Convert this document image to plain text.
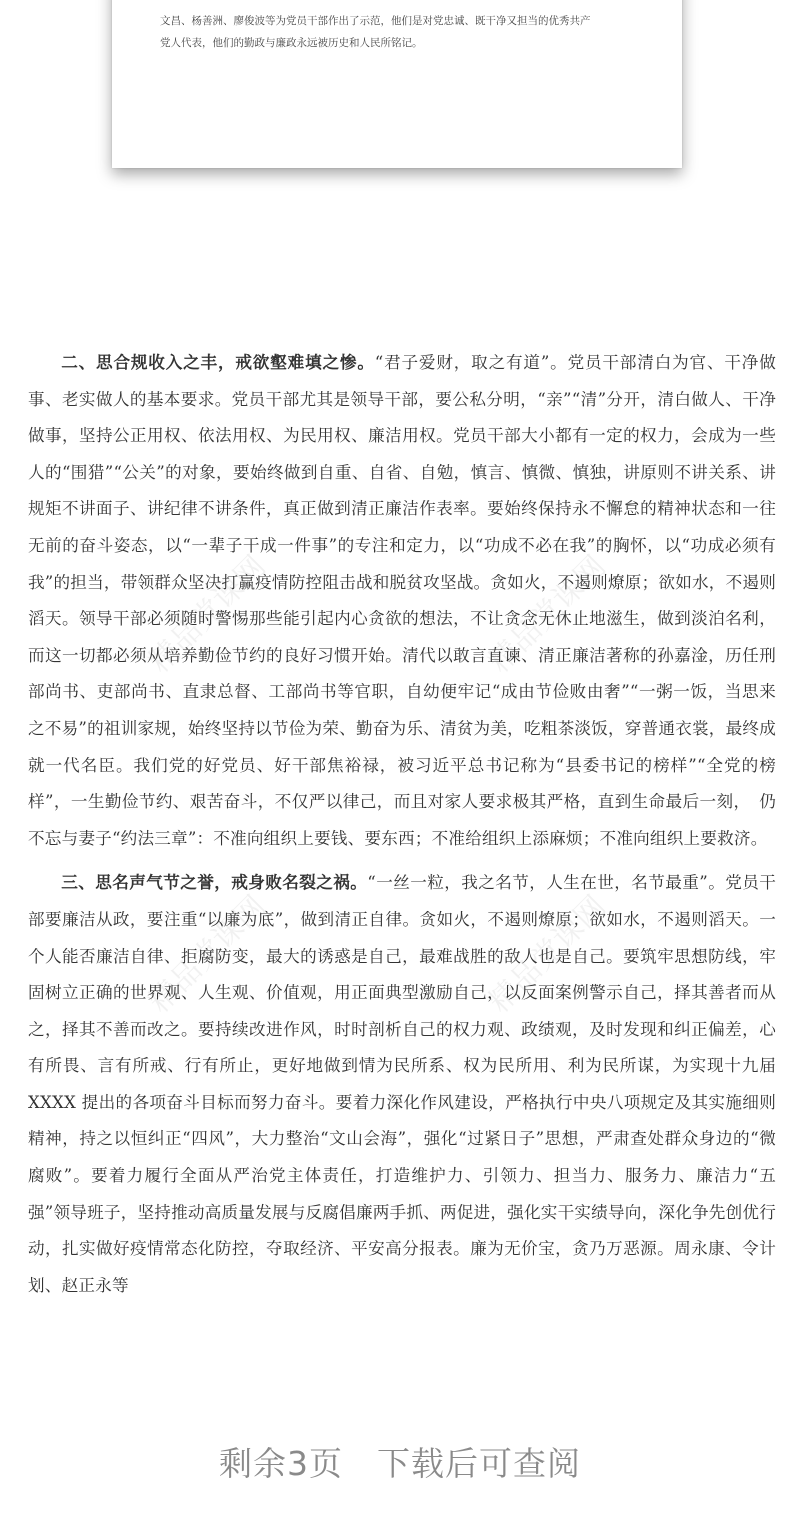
文昌、杨善洲、廖俊波等为党员干部作出了示范，他们是对党忠诚、既干净又担当的优秀共产
党人代表，他们的勤政与廉政永远被历史和人民所铭记。

精品党课网	精品党课网
精品党课网	精品党课网

二、思合规收入之丰，戒欲壑难填之惨。“君子爱财，取之有道”。党员干部清白为官、干净做事、老实做人的基本要求。党员干部尤其是领导干部，要公私分明，“亲”“清”分开，清白做人、干净做事，坚持公正用权、依法用权、为民用权、廉洁用权。党员干部大小都有一定的权力，会成为一些人的“围猎”“公关”的对象，要始终做到自重、自省、自勉，慎言、慎微、慎独，讲原则不讲关系、讲规矩不讲面子、讲纪律不讲条件，真正做到清正廉洁作表率。要始终保持永不懈怠的精神状态和一往无前的奋斗姿态，以“一辈子干成一件事”的专注和定力，以“功成不必在我”的胸怀，以“功成必须有我”的担当，带领群众坚决打赢疫情防控阻击战和脱贫攻坚战。贪如火，不遏则燎原；欲如水，不遏则滔天。领导干部必须随时警惕那些能引起内心贪欲的想法，不让贪念无休止地滋生，做到淡泊名利，而这一切都必须从培养勤俭节约的良好习惯开始。清代以敢言直谏、清正廉洁著称的孙嘉淦，历任刑部尚书、吏部尚书、直隶总督、工部尚书等官职，自幼便牢记“成由节俭败由奢”“一粥一饭，当思来之不易”的祖训家规，始终坚持以节俭为荣、勤奋为乐、清贫为美，吃粗茶淡饭，穿普通衣裳，最终成就一代名臣。我们党的好党员、好干部焦裕禄，被习近平总书记称为“县委书记的榜样”“全党的榜样”，一生勤俭节约、艰苦奋斗，不仅严以律己，而且对家人要求极其严格，直到生命最后一刻，　仍不忘与妻子“约法三章”：不准向组织上要钱、要东西；不准给组织上添麻烦；不准向组织上要救济。

三、思名声气节之誉，戒身败名裂之祸。“一丝一粒，我之名节，人生在世，名节最重”。党员干部要廉洁从政，要注重“以廉为底”，做到清正自律。贪如火，不遏则燎原；欲如水，不遏则滔天。一个人能否廉洁自律、拒腐防变，最大的诱惑是自己，最难战胜的敌人也是自己。要筑牢思想防线，牢固树立正确的世界观、人生观、价值观，用正面典型激励自己，以反面案例警示自己，择其善者而从之，择其不善而改之。要持续改进作风，时时剖析自己的权力观、政绩观，及时发现和纠正偏差，心有所畏、言有所戒、行有所止，更好地做到情为民所系、权为民所用、利为民所谋，为实现十九届 XXXX 提出的各项奋斗目标而努力奋斗。要着力深化作风建设，严格执行中央八项规定及其实施细则精神，持之以恒纠正“四风”，大力整治“文山会海”，强化“过紧日子”思想，严肃查处群众身边的“微腐败”。要着力履行全面从严治党主体责任，打造维护力、引领力、担当力、服务力、廉洁力“五强”领导班子，坚持推动高质量发展与反腐倡廉两手抓、两促进，强化实干实绩导向，深化争先创优行动，扎实做好疫情常态化防控，夺取经济、平安高分报表。廉为无价宝，贪乃万恶源。周永康、令计划、赵正永等

剩余3页 下载后可查阅
